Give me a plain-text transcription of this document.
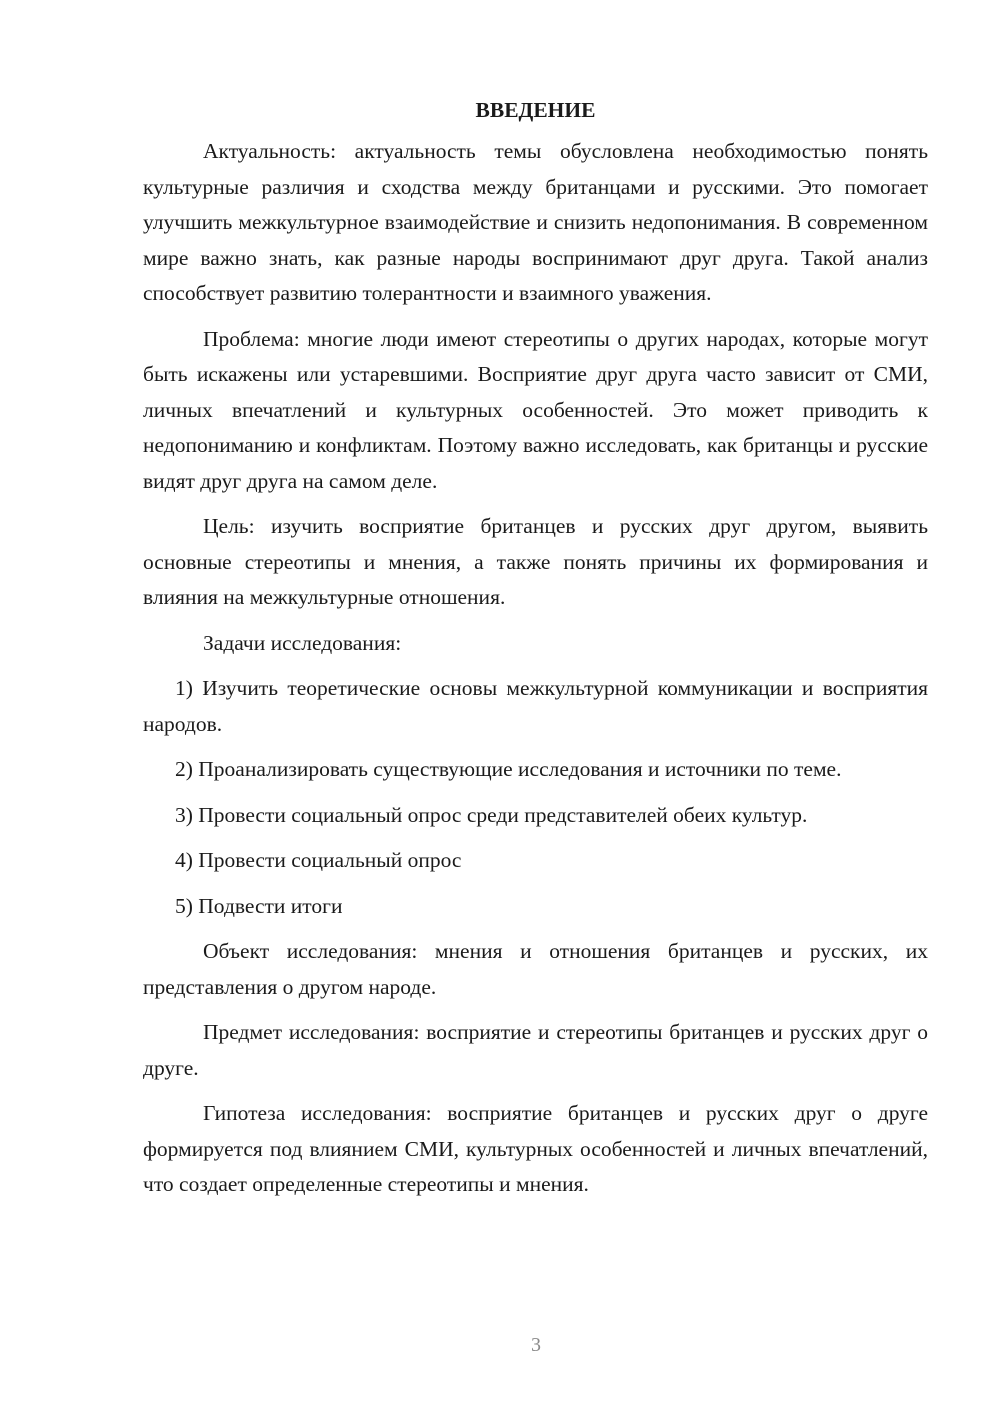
ВВЕДЕНИЕ

Актуальность: актуальность темы обусловлена необходимостью понять культурные различия и сходства между британцами и русскими. Это помогает улучшить межкультурное взаимодействие и снизить недопонимания. В современном мире важно знать, как разные народы воспринимают друг друга. Такой анализ способствует развитию толерантности и взаимного уважения.

Проблема: многие люди имеют стереотипы о других народах, которые могут быть искажены или устаревшими. Восприятие друг друга часто зависит от СМИ, личных впечатлений и культурных особенностей. Это может приводить к недопониманию и конфликтам. Поэтому важно исследовать, как британцы и русские видят друг друга на самом деле.

Цель: изучить восприятие британцев и русских друг другом, выявить основные стереотипы и мнения, а также понять причины их формирования и влияния на межкультурные отношения.

Задачи исследования:

1) Изучить теоретические основы межкультурной коммуникации и восприятия народов.

2) Проанализировать существующие исследования и источники по теме.

3) Провести социальный опрос среди представителей обеих культур.

4) Провести социальный опрос

5) Подвести итоги

Объект исследования: мнения и отношения британцев и русских, их представления о другом народе.

Предмет исследования: восприятие и стереотипы британцев и русских друг о друге.

Гипотеза исследования: восприятие британцев и русских друг о друге формируется под влиянием СМИ, культурных особенностей и личных впечатлений, что создает определенные стереотипы и мнения.

3
